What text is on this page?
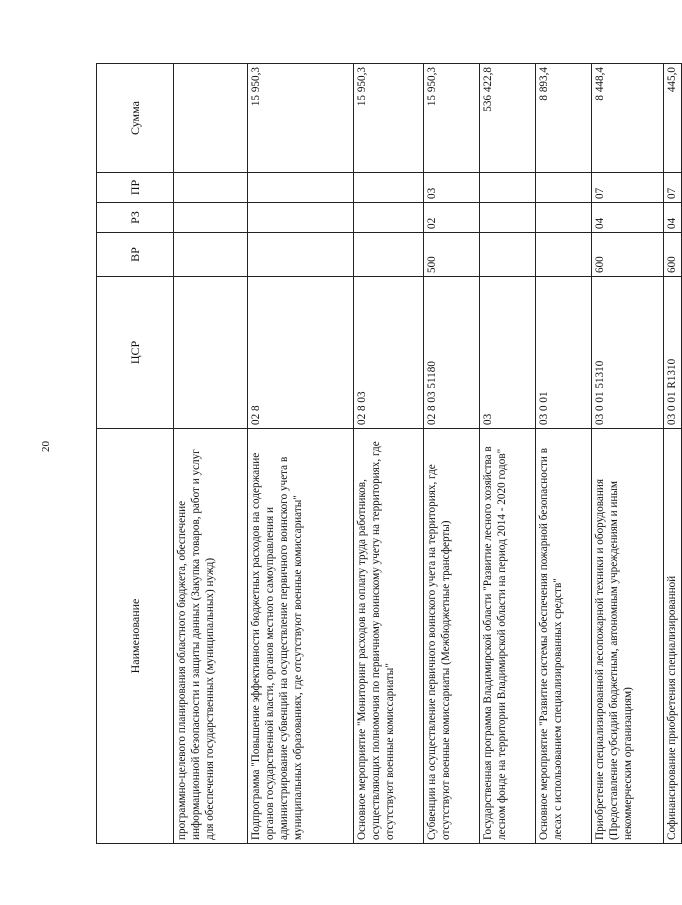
20
Наименование	ЦСР	ВР	РЗ	ПР	Сумма
программно-целевого планирования областного бюджета, обеспечение информационной безопасности и защиты данных (Закупка товаров, работ и услуг для обеспечения государственных (муниципальных) нужд)					
Подпрограмма "Повышение эффективности бюджетных расходов на содержание органов государственной власти, органов местного самоуправления и администрирование субвенций на осуществление первичного воинского учета в муниципальных образованиях, где отсутствуют военные комиссариаты"	02 8				15 950,3
Основное мероприятие "Мониторинг расходов на оплату труда работников, осуществляющих полномочия по первичному воинскому учету на территориях, где отсутствуют военные комиссариаты"	02 8 03				15 950,3
Субвенции на осуществление первичного воинского учета на территориях, где отсутствуют военные комиссариаты (Межбюджетные трансферты)	02 8 03 51180	500	02	03	15 950,3
Государственная программа Владимирской области "Развитие лесного хозяйства в лесном фонде на территории Владимирской области на период 2014 - 2020 годов"	03				536 422,8
Основное мероприятие "Развитие системы обеспечения пожарной безопасности в лесах с использованием специализированных средств"	03 0 01				8 893,4
Приобретение специализированной лесопожарной техники и оборудования (Предоставление субсидий бюджетным, автономным учреждениям и иным некоммерческим организациям)	03 0 01 51310	600	04	07	8 448,4
Софинансирование приобретения специализированной	03 0 01 R1310	600	04	07	445,0
